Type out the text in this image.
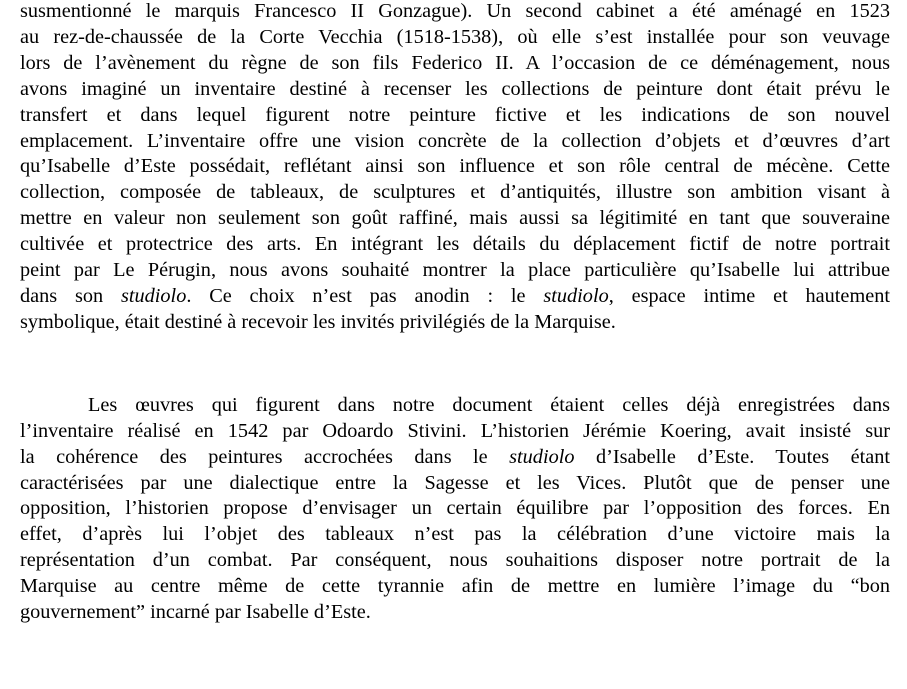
susmentionné le marquis Francesco II Gonzague). Un second cabinet a été aménagé en 1523
au rez-de-chaussée de la Corte Vecchia (1518-1538), où elle s’est installée pour son veuvage
lors de l’avènement du règne de son fils Federico II. A l’occasion de ce déménagement, nous
avons imaginé un inventaire destiné à recenser les collections de peinture dont était prévu le
transfert et dans lequel figurent notre peinture fictive et les indications de son nouvel
emplacement. L’inventaire offre une vision concrète de la collection d’objets et d’œuvres d’art
qu’Isabelle d’Este possédait, reflétant ainsi son influence et son rôle central de mécène. Cette
collection, composée de tableaux, de sculptures et d’antiquités, illustre son ambition visant à
mettre en valeur non seulement son goût raffiné, mais aussi sa légitimité en tant que souveraine
cultivée et protectrice des arts. En intégrant les détails du déplacement fictif de notre portrait
peint par Le Pérugin, nous avons souhaité montrer la place particulière qu’Isabelle lui attribue
dans son studiolo. Ce choix n’est pas anodin : le studiolo, espace intime et hautement
symbolique, était destiné à recevoir les invités privilégiés de la Marquise.
Les œuvres qui figurent dans notre document étaient celles déjà enregistrées dans
l’inventaire réalisé en 1542 par Odoardo Stivini. L’historien Jérémie Koering, avait insisté sur
la cohérence des peintures accrochées dans le studiolo d’Isabelle d’Este. Toutes étant
caractérisées par une dialectique entre la Sagesse et les Vices. Plutôt que de penser une
opposition, l’historien propose d’envisager un certain équilibre par l’opposition des forces. En
effet, d’après lui l’objet des tableaux n’est pas la célébration d’une victoire mais la
représentation d’un combat. Par conséquent, nous souhaitions disposer notre portrait de la
Marquise au centre même de cette tyrannie afin de mettre en lumière l’image du “bon
gouvernement” incarné par Isabelle d’Este.
